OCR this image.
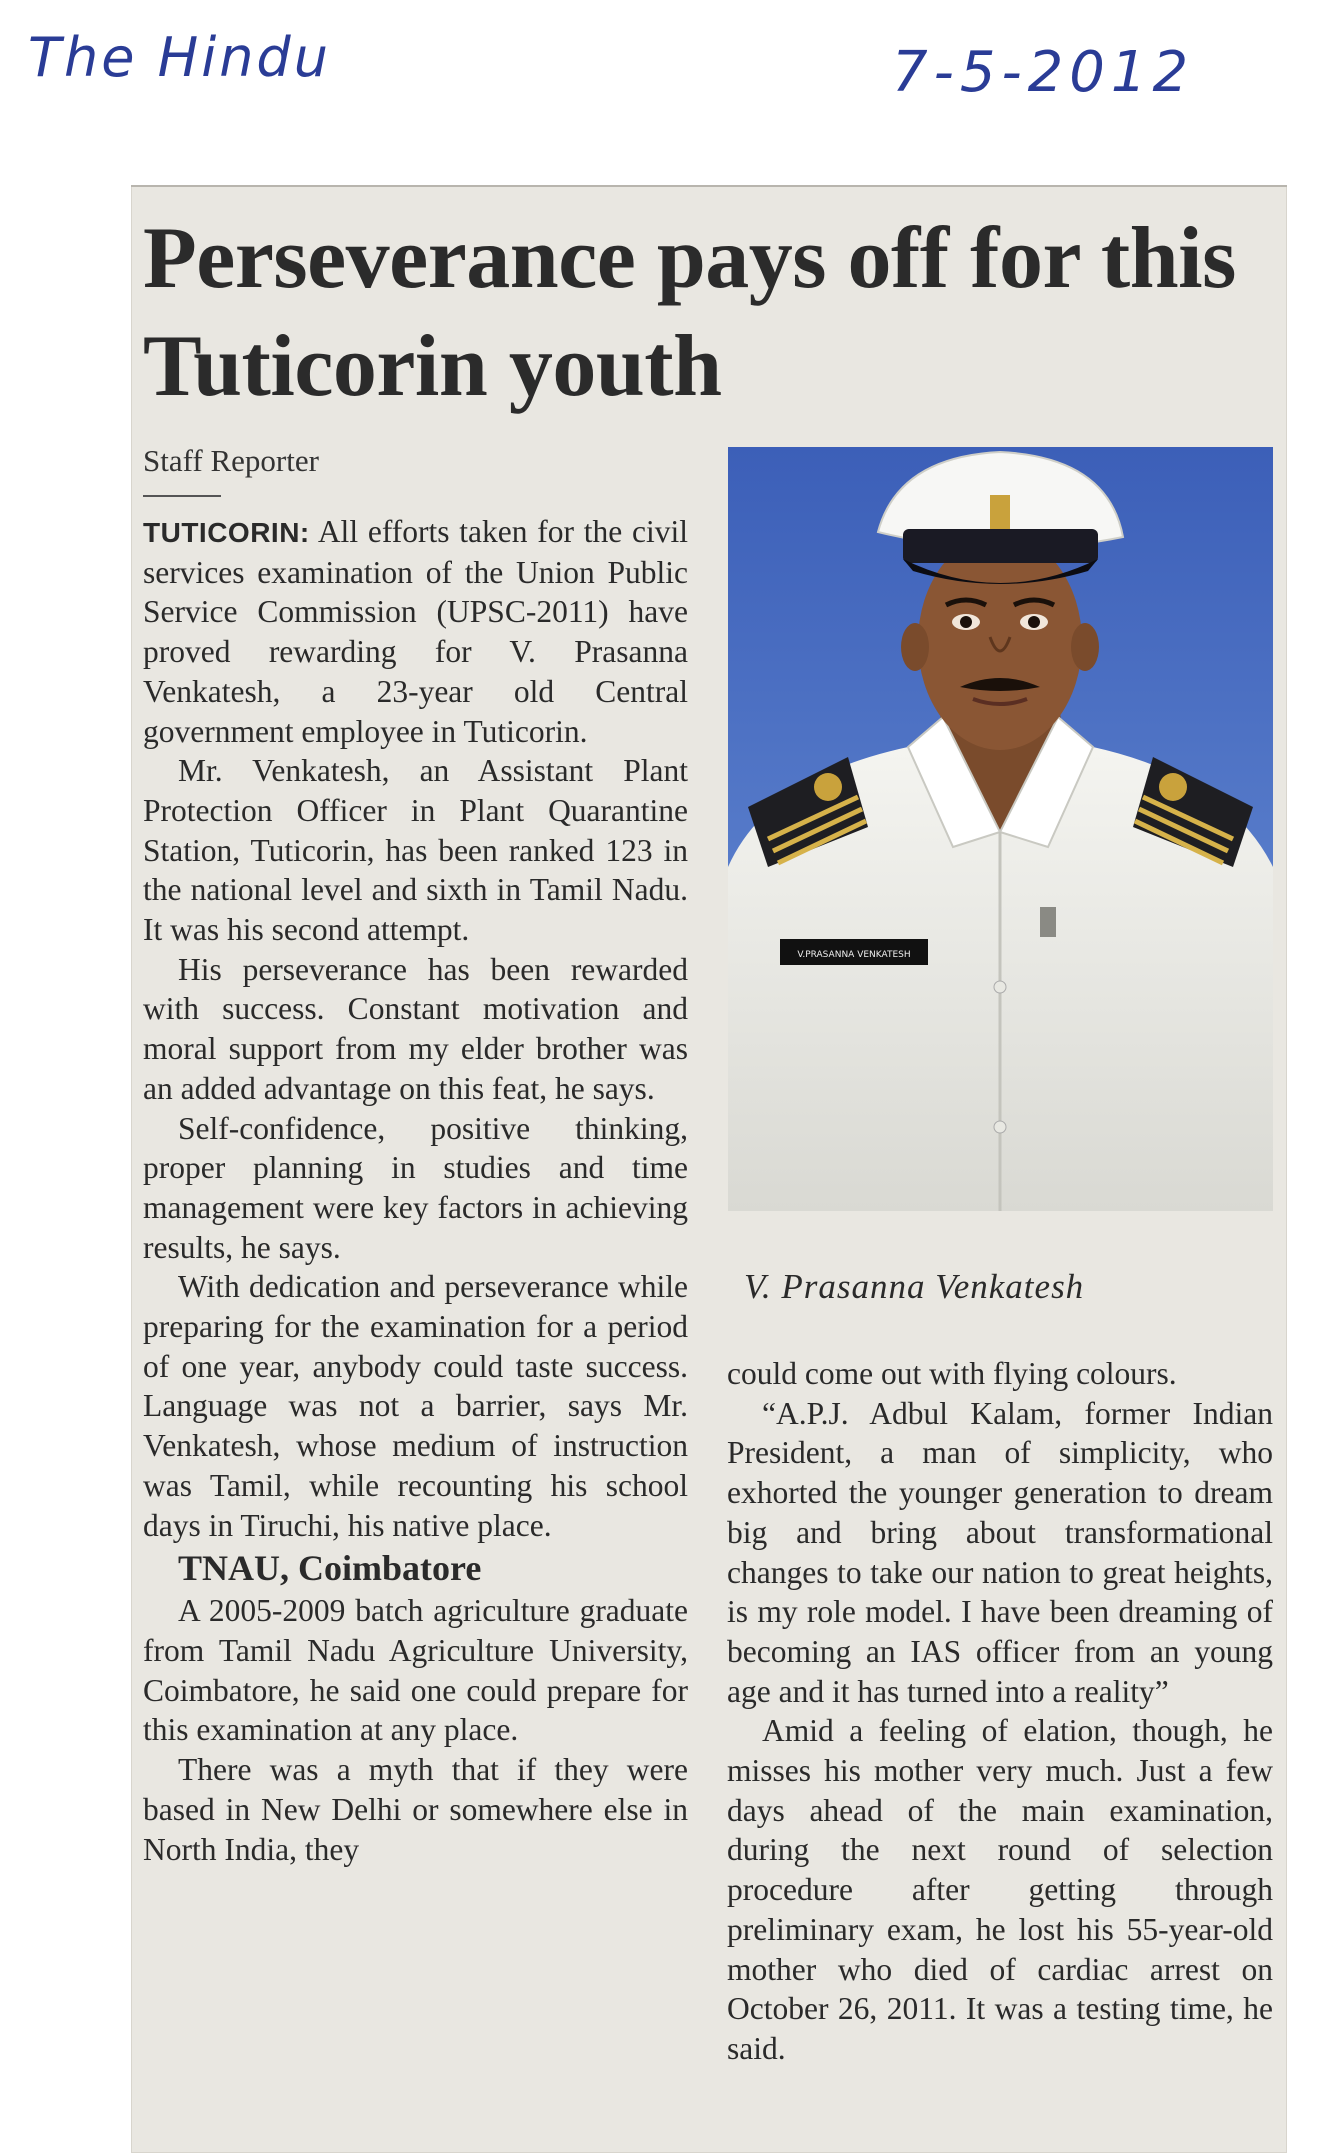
The Hindu	7-5-2012
Perseverance pays off for this Tuticorin youth
Staff Reporter

TUTICORIN: All efforts taken for the civil services examination of the Union Public Service Commission (UPSC-2011) have proved rewarding for V. Prasanna Venkatesh, a 23-year old Central government employee in Tuticorin.

Mr. Venkatesh, an Assistant Plant Protection Officer in Plant Quarantine Station, Tuticorin, has been ranked 123 in the national level and sixth in Tamil Nadu. It was his second attempt.

His perseverance has been rewarded with success. Constant motivation and moral support from my elder brother was an added advantage on this feat, he says.

Self-confidence, positive thinking, proper planning in studies and time management were key factors in achieving results, he says.

With dedication and perseverance while preparing for the examination for a period of one year, anybody could taste success. Language was not a barrier, says Mr. Venkatesh, whose medium of instruction was Tamil, while recounting his school days in Tiruchi, his native place.

TNAU, Coimbatore

A 2005-2009 batch agriculture graduate from Tamil Nadu Agriculture University, Coimbatore, he said one could prepare for this examination at any place.

There was a myth that if they were based in New Delhi or somewhere else in North India, they

V.PRASANNA VENKATESH
V. Prasanna Venkatesh

could come out with flying colours.

“A.P.J. Adbul Kalam, former Indian President, a man of simplicity, who exhorted the younger generation to dream big and bring about transformational changes to take our nation to great heights, is my role model. I have been dreaming of becoming an IAS officer from an young age and it has turned into a reality”

Amid a feeling of elation, though, he misses his mother very much. Just a few days ahead of the main examination, during the next round of selection procedure after getting through preliminary exam, he lost his 55-year-old mother who died of cardiac arrest on October 26, 2011. It was a testing time, he said.
